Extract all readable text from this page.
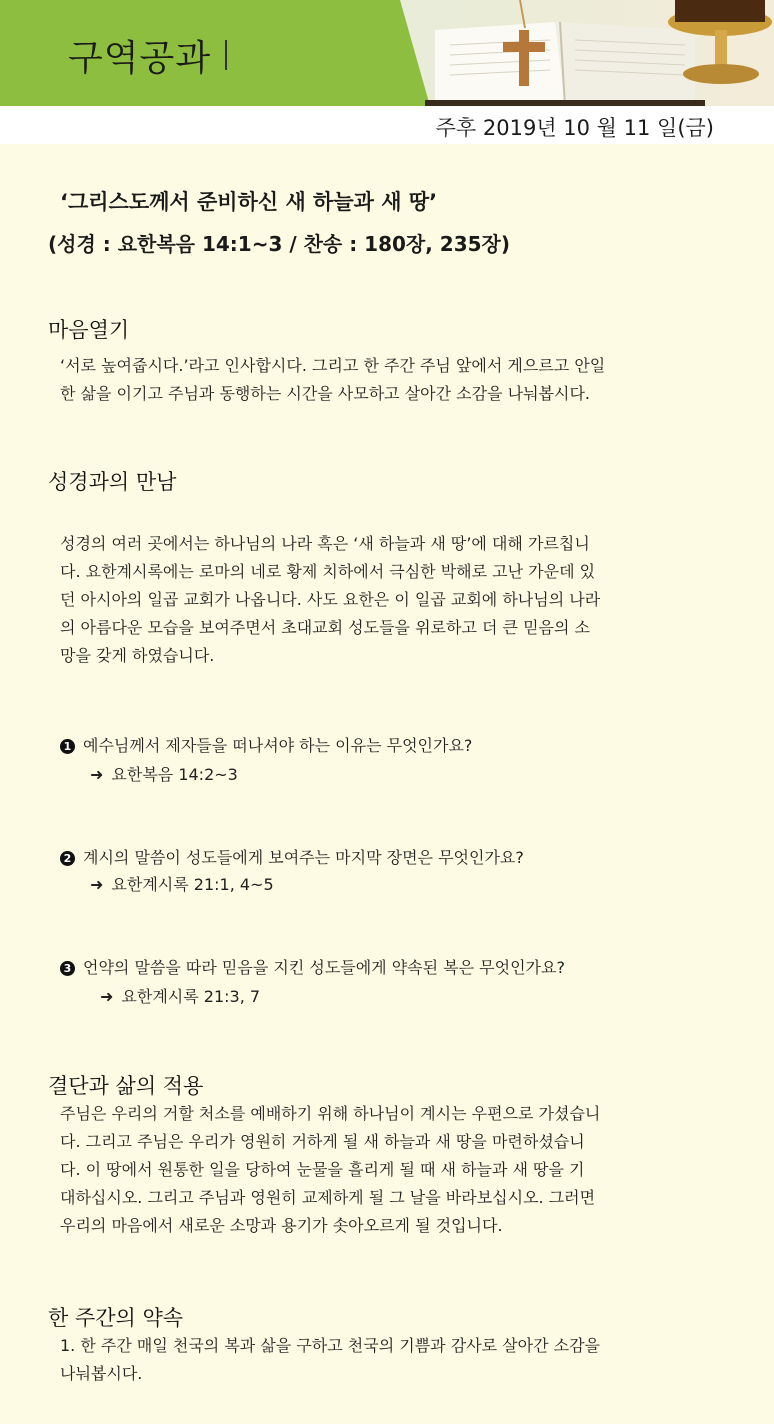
구역공과
주후 2019년 10 월 11 일(금)
‘그리스도께서 준비하신 새 하늘과 새 땅’
(성경 : 요한복음 14:1~3 / 찬송 : 180장, 235장)
마음열기
‘서로 높여줍시다.’라고 인사합시다. 그리고 한 주간 주님 앞에서 게으르고 안일
한 삶을 이기고 주님과 동행하는 시간을 사모하고 살아간 소감을 나눠봅시다.
성경과의 만남
성경의 여러 곳에서는 하나님의 나라 혹은 ‘새 하늘과 새 땅’에 대해 가르칩니
다. 요한계시록에는 로마의 네로 황제 치하에서 극심한 박해로 고난 가운데 있
던 아시아의 일곱 교회가 나옵니다. 사도 요한은 이 일곱 교회에 하나님의 나라
의 아름다운 모습을 보여주면서 초대교회 성도들을 위로하고 더 큰 믿음의 소
망을 갖게 하였습니다.
1 예수님께서 제자들을 떠나셔야 하는 이유는 무엇인가요?
➜ 요한복음 14:2~3
2 계시의 말씀이 성도들에게 보여주는 마지막 장면은 무엇인가요?
➜ 요한계시록 21:1, 4~5
3 언약의 말씀을 따라 믿음을 지킨 성도들에게 약속된 복은 무엇인가요?
➜ 요한계시록 21:3, 7
결단과 삶의 적용
주님은 우리의 거할 처소를 예배하기 위해 하나님이 계시는 우편으로 가셨습니
다. 그리고 주님은 우리가 영원히 거하게 될 새 하늘과 새 땅을 마련하셨습니
다. 이 땅에서 원통한 일을 당하여 눈물을 흘리게 될 때 새 하늘과 새 땅을 기
대하십시오. 그리고 주님과 영원히 교제하게 될 그 날을 바라보십시오. 그러면
우리의 마음에서 새로운 소망과 용기가 솟아오르게 될 것입니다.
한 주간의 약속
1. 한 주간 매일 천국의 복과 삶을 구하고 천국의 기쁨과 감사로 살아간 소감을
나눠봅시다.
